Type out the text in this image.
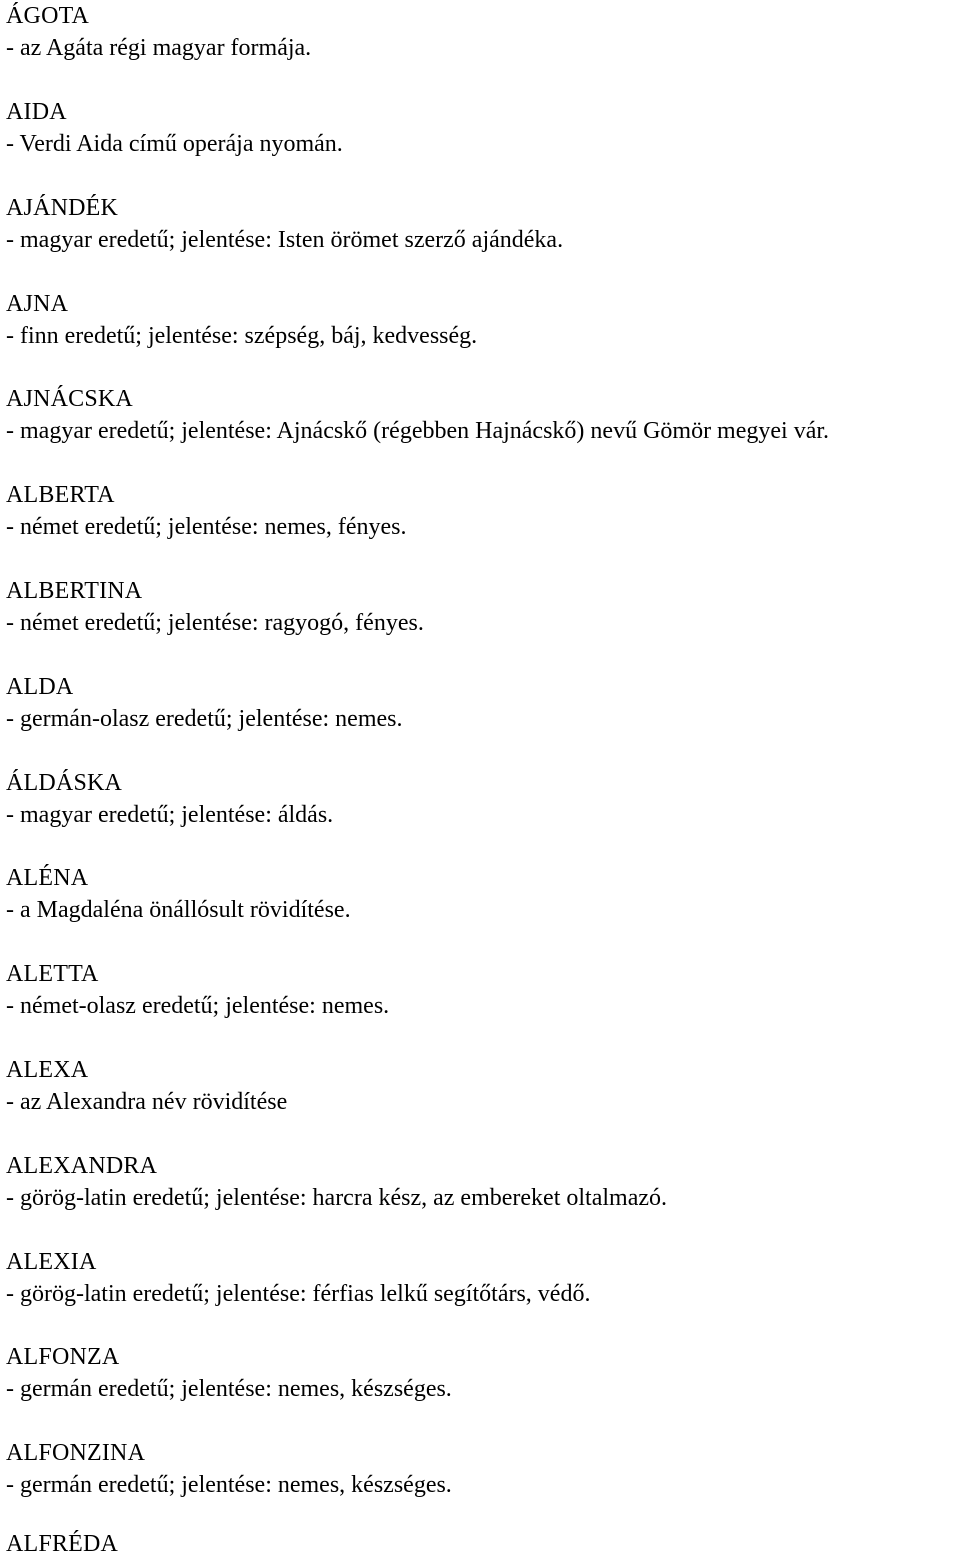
ÁGOTA
- az Agáta régi magyar formája.
AIDA
- Verdi Aida című operája nyomán.
AJÁNDÉK
- magyar eredetű; jelentése: Isten örömet szerző ajándéka.
AJNA
- finn eredetű; jelentése: szépség, báj, kedvesség.
AJNÁCSKA
- magyar eredetű; jelentése: Ajnácskő (régebben Hajnácskő) nevű Gömör megyei vár.
ALBERTA
- német eredetű; jelentése: nemes, fényes.
ALBERTINA
- német eredetű; jelentése: ragyogó, fényes.
ALDA
- germán-olasz eredetű; jelentése: nemes.
ÁLDÁSKA
- magyar eredetű; jelentése: áldás.
ALÉNA
- a Magdaléna önállósult rövidítése.
ALETTA
- német-olasz eredetű; jelentése: nemes.
ALEXA
- az Alexandra név rövidítése
ALEXANDRA
- görög-latin eredetű; jelentése: harcra kész, az embereket oltalmazó.
ALEXIA
- görög-latin eredetű; jelentése: férfias lelkű segítőtárs, védő.
ALFONZA
- germán eredetű; jelentése: nemes, készséges.
ALFONZINA
- germán eredetű; jelentése: nemes, készséges.
ALFRÉDA
